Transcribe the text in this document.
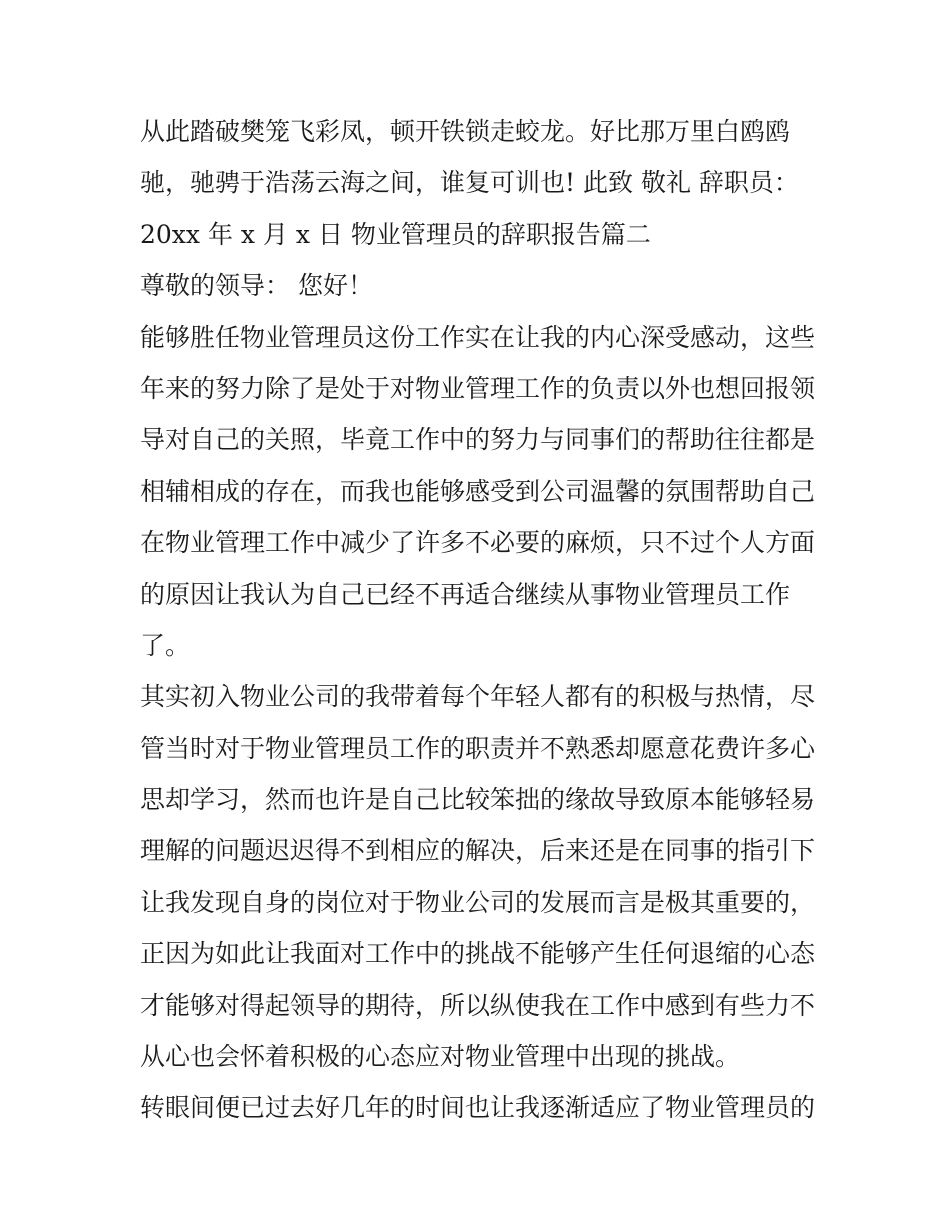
从此踏破樊笼飞彩凤，顿开铁锁走蛟龙。好比那万里白鸥鸥
驰，驰骋于浩荡云海之间，谁复可训也! 此致 敬礼 辞职员：
20xx 年 x 月 x 日 物业管理员的辞职报告篇二
尊敬的领导： 您好！
能够胜任物业管理员这份工作实在让我的内心深受感动，这些
年来的努力除了是处于对物业管理工作的负责以外也想回报领
导对自己的关照，毕竟工作中的努力与同事们的帮助往往都是
相辅相成的存在，而我也能够感受到公司温馨的氛围帮助自己
在物业管理工作中减少了许多不必要的麻烦，只不过个人方面
的原因让我认为自己已经不再适合继续从事物业管理员工作
了。
其实初入物业公司的我带着每个年轻人都有的积极与热情，尽
管当时对于物业管理员工作的职责并不熟悉却愿意花费许多心
思却学习，然而也许是自己比较笨拙的缘故导致原本能够轻易
理解的问题迟迟得不到相应的解决，后来还是在同事的指引下
让我发现自身的岗位对于物业公司的发展而言是极其重要的，
正因为如此让我面对工作中的挑战不能够产生任何退缩的心态
才能够对得起领导的期待，所以纵使我在工作中感到有些力不
从心也会怀着积极的心态应对物业管理中出现的挑战。
转眼间便已过去好几年的时间也让我逐渐适应了物业管理员的
